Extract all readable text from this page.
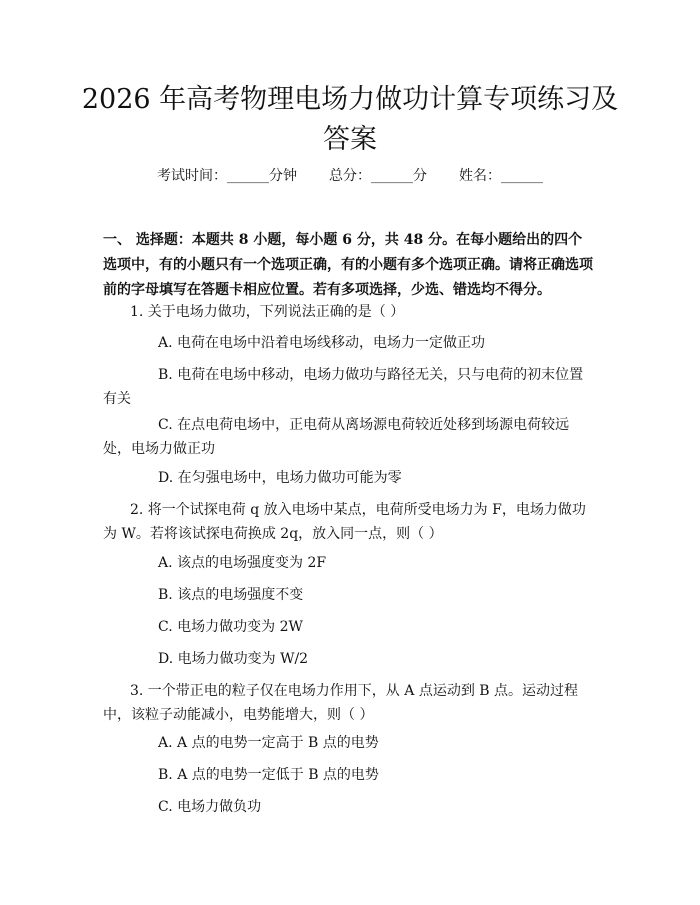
2026 年高考物理电场力做功计算专项练习及
答案
考试时间：______分钟 总分：______分 姓名：______
一、 选择题：本题共 8 小题，每小题 6 分，共 48 分。在每小题给出的四个选项中，有的小题只有一个选项正确，有的小题有多个选项正确。请将正确选项前的字母填写在答题卡相应位置。若有多项选择，少选、错选均不得分。
1. 关于电场力做功，下列说法正确的是（ ）
A. 电荷在电场中沿着电场线移动，电场力一定做正功
B. 电荷在电场中移动，电场力做功与路径无关，只与电荷的初末位置有关
C. 在点电荷电场中，正电荷从离场源电荷较近处移到场源电荷较远处，电场力做正功
D. 在匀强电场中，电场力做功可能为零
2. 将一个试探电荷 q 放入电场中某点，电荷所受电场力为 F，电场力做功为 W。若将该试探电荷换成 2q，放入同一点，则（ ）
A. 该点的电场强度变为 2F
B. 该点的电场强度不变
C. 电场力做功变为 2W
D. 电场力做功变为 W/2
3. 一个带正电的粒子仅在电场力作用下，从 A 点运动到 B 点。运动过程中，该粒子动能减小，电势能增大，则（ ）
A. A 点的电势一定高于 B 点的电势
B. A 点的电势一定低于 B 点的电势
C. 电场力做负功
